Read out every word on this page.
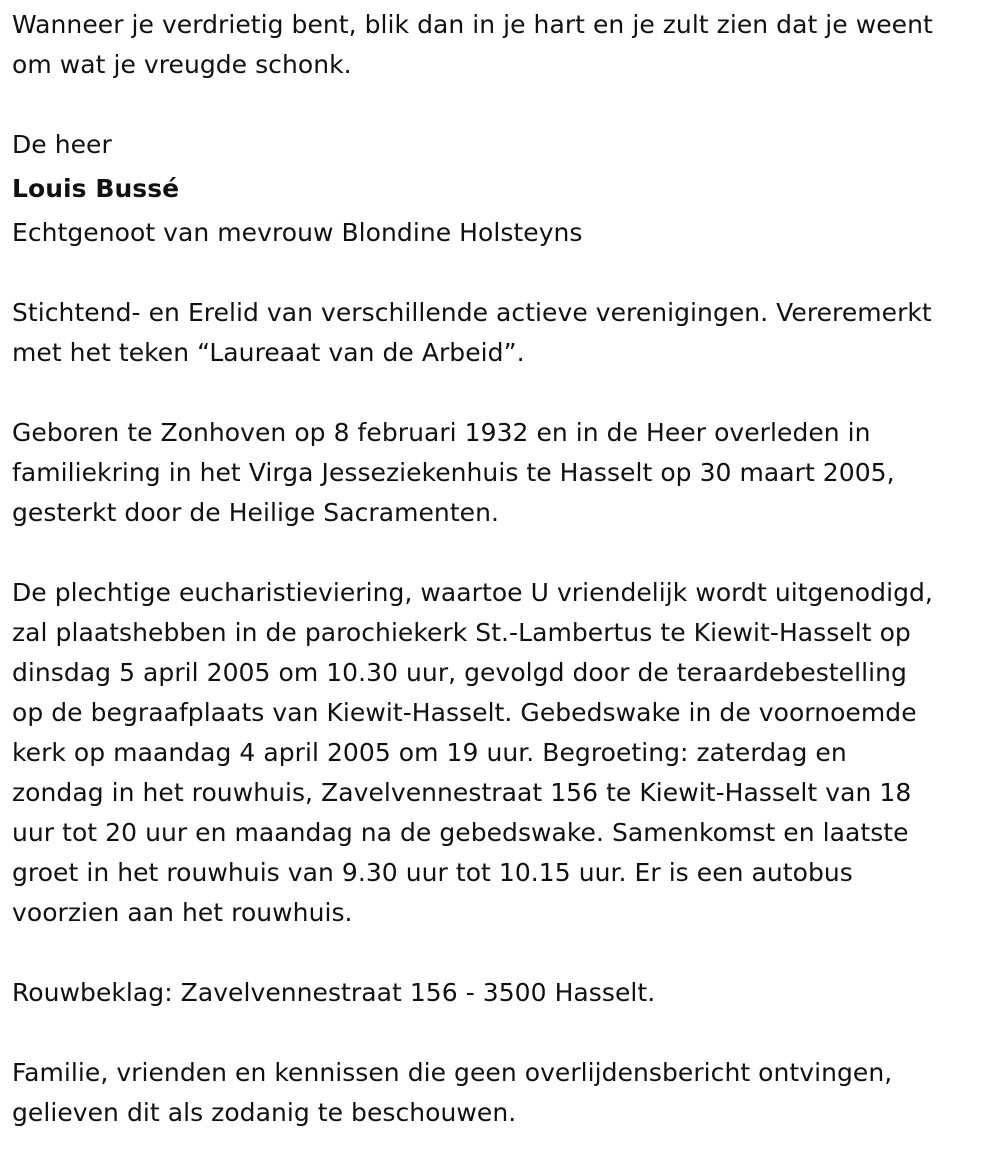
Wanneer je verdrietig bent, blik dan in je hart en je zult zien dat je weent
om wat je vreugde schonk.
De heer
Louis Bussé
Echtgenoot van mevrouw Blondine Holsteyns
Stichtend- en Erelid van verschillende actieve verenigingen. Vereremerkt
met het teken “Laureaat van de Arbeid”.
Geboren te Zonhoven op 8 februari 1932 en in de Heer overleden in
familiekring in het Virga Jesseziekenhuis te Hasselt op 30 maart 2005,
gesterkt door de Heilige Sacramenten.
De plechtige eucharistieviering, waartoe U vriendelijk wordt uitgenodigd,
zal plaatshebben in de parochiekerk St.-Lambertus te Kiewit-Hasselt op
dinsdag 5 april 2005 om 10.30 uur, gevolgd door de teraardebestelling
op de begraafplaats van Kiewit-Hasselt. Gebedswake in de voornoemde
kerk op maandag 4 april 2005 om 19 uur. Begroeting: zaterdag en
zondag in het rouwhuis, Zavelvennestraat 156 te Kiewit-Hasselt van 18
uur tot 20 uur en maandag na de gebedswake. Samenkomst en laatste
groet in het rouwhuis van 9.30 uur tot 10.15 uur. Er is een autobus
voorzien aan het rouwhuis.
Rouwbeklag: Zavelvennestraat 156 - 3500 Hasselt.
Familie, vrienden en kennissen die geen overlijdensbericht ontvingen,
gelieven dit als zodanig te beschouwen.
